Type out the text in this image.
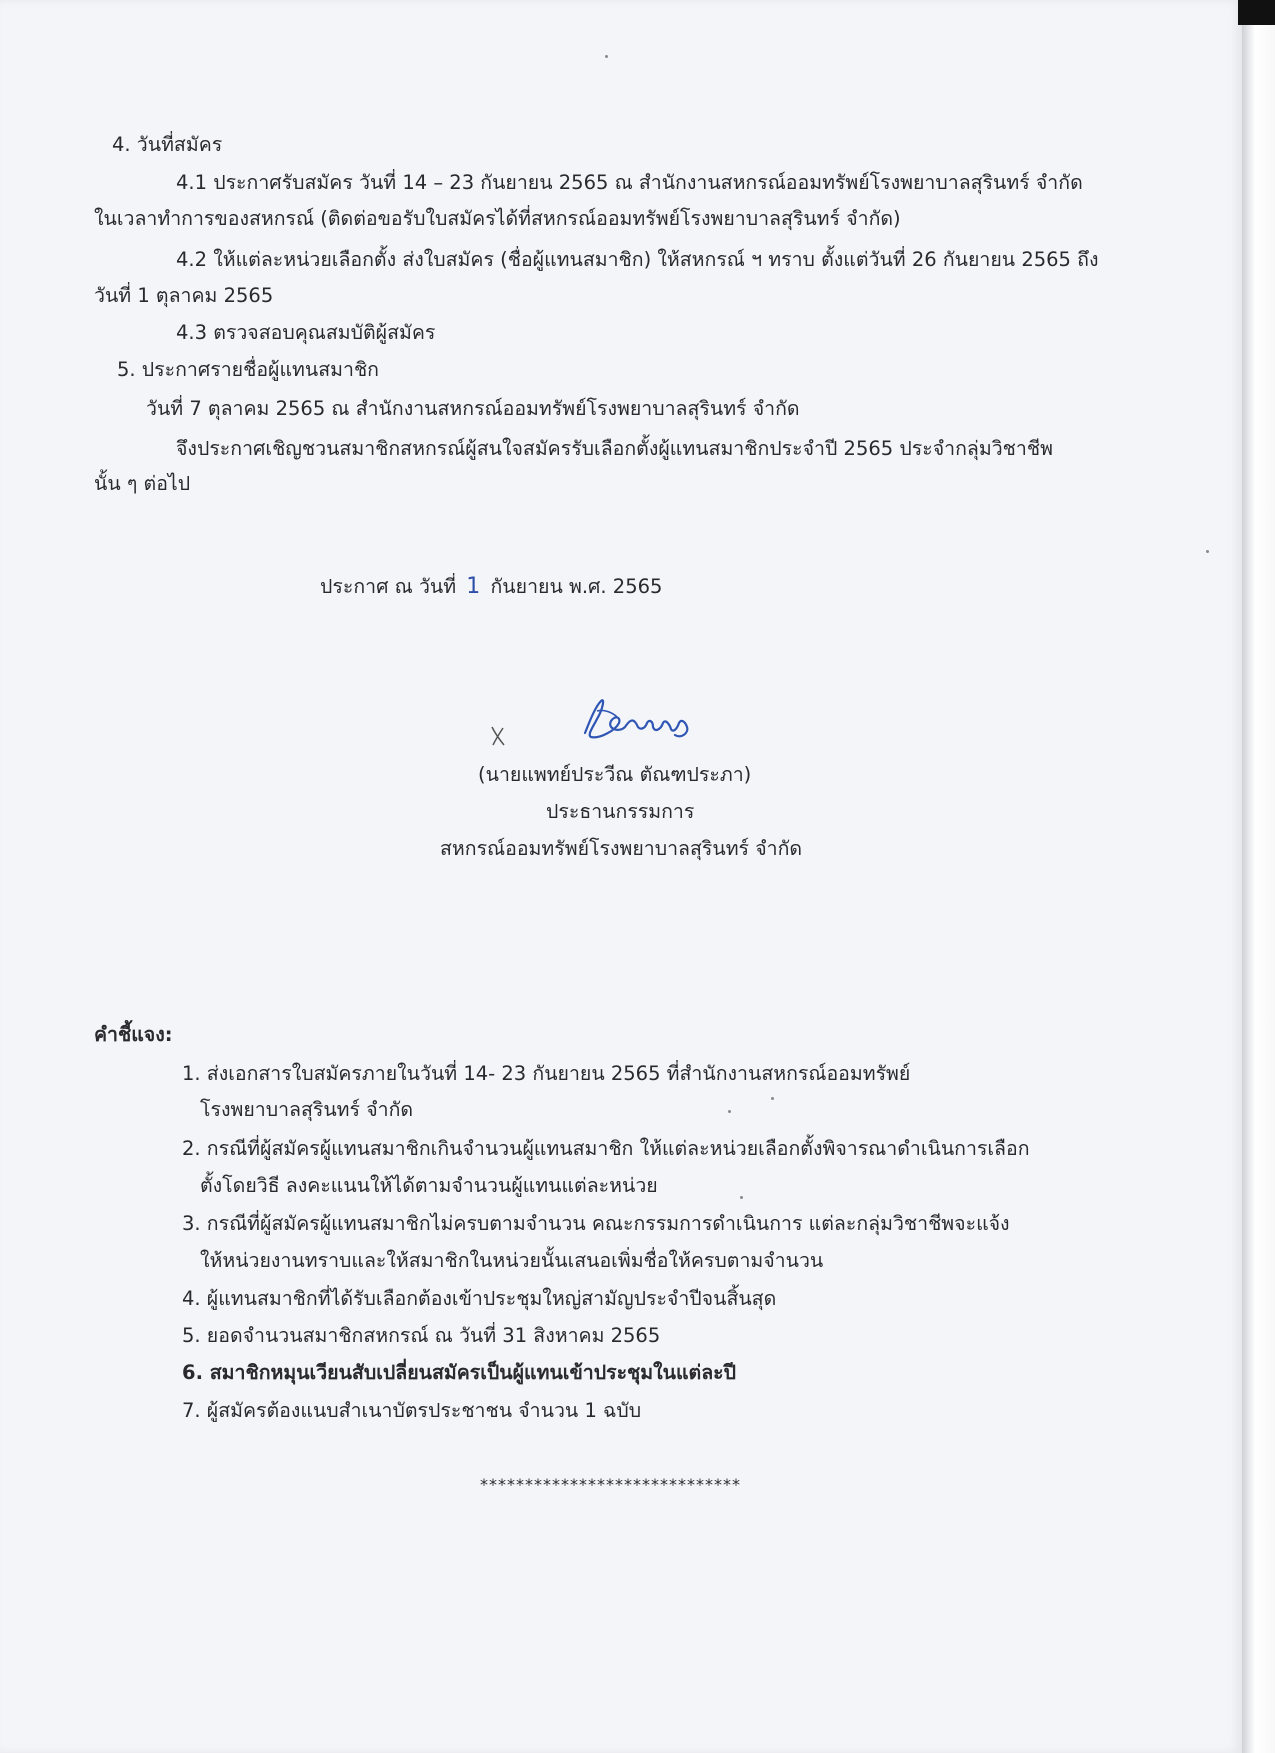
4. วันที่สมัคร
4.1 ประกาศรับสมัคร วันที่ 14 – 23 กันยายน 2565 ณ สำนักงานสหกรณ์ออมทรัพย์โรงพยาบาลสุรินทร์ จำกัด
ในเวลาทำการของสหกรณ์ (ติดต่อขอรับใบสมัครได้ที่สหกรณ์ออมทรัพย์โรงพยาบาลสุรินทร์ จำกัด)
4.2 ให้แต่ละหน่วยเลือกตั้ง ส่งใบสมัคร (ชื่อผู้แทนสมาชิก) ให้สหกรณ์ ฯ ทราบ ตั้งแต่วันที่ 26 กันยายน 2565 ถึง
วันที่ 1 ตุลาคม 2565
4.3 ตรวจสอบคุณสมบัติผู้สมัคร
5. ประกาศรายชื่อผู้แทนสมาชิก
วันที่ 7 ตุลาคม 2565 ณ สำนักงานสหกรณ์ออมทรัพย์โรงพยาบาลสุรินทร์ จำกัด
จึงประกาศเชิญชวนสมาชิกสหกรณ์ผู้สนใจสมัครรับเลือกตั้งผู้แทนสมาชิกประจำปี 2565 ประจำกลุ่มวิชาชีพ
นั้น ๆ ต่อไป
ประกาศ ณ วันที่ 1 กันยายน พ.ศ. 2565
(นายแพทย์ประวีณ ตัณฑประภา)
ประธานกรรมการ
สหกรณ์ออมทรัพย์โรงพยาบาลสุรินทร์ จำกัด
คำชี้แจง:
1. ส่งเอกสารใบสมัครภายในวันที่ 14- 23 กันยายน 2565 ที่สำนักงานสหกรณ์ออมทรัพย์
โรงพยาบาลสุรินทร์ จำกัด
2. กรณีที่ผู้สมัครผู้แทนสมาชิกเกินจำนวนผู้แทนสมาชิก ให้แต่ละหน่วยเลือกตั้งพิจารณาดำเนินการเลือก
ตั้งโดยวิธี ลงคะแนนให้ได้ตามจำนวนผู้แทนแต่ละหน่วย
3. กรณีที่ผู้สมัครผู้แทนสมาชิกไม่ครบตามจำนวน คณะกรรมการดำเนินการ แต่ละกลุ่มวิชาชีพจะแจ้ง
ให้หน่วยงานทราบและให้สมาชิกในหน่วยนั้นเสนอเพิ่มชื่อให้ครบตามจำนวน
4. ผู้แทนสมาชิกที่ได้รับเลือกต้องเข้าประชุมใหญ่สามัญประจำปีจนสิ้นสุด
5. ยอดจำนวนสมาชิกสหกรณ์ ณ วันที่ 31 สิงหาคม 2565
6. สมาชิกหมุนเวียนสับเปลี่ยนสมัครเป็นผู้แทนเข้าประชุมในแต่ละปี
7. ผู้สมัครต้องแนบสำเนาบัตรประชาชน จำนวน 1 ฉบับ
*****************************
